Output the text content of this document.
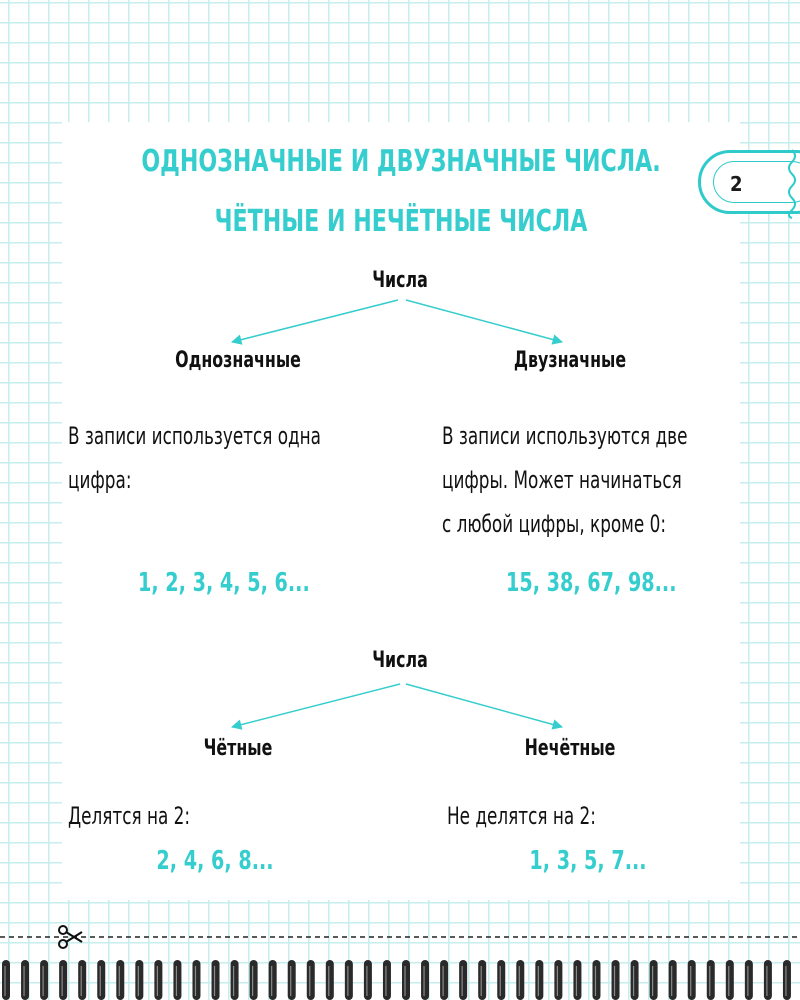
2
ОДНОЗНАЧНЫЕ И ДВУЗНАЧНЫЕ ЧИСЛА.
ЧЁТНЫЕ И НЕЧЁТНЫЕ ЧИСЛА
Числа
Однозначные	Двузначные
В записи используется одна
цифра:
В записи используются две
цифры. Может начинаться
с любой цифры, кроме 0:
1, 2, 3, 4, 5, 6...	15, 38, 67, 98...
Числа
Чётные	Нечётные
Делятся на 2:	Не делятся на 2:
2, 4, 6, 8...	1, 3, 5, 7...
